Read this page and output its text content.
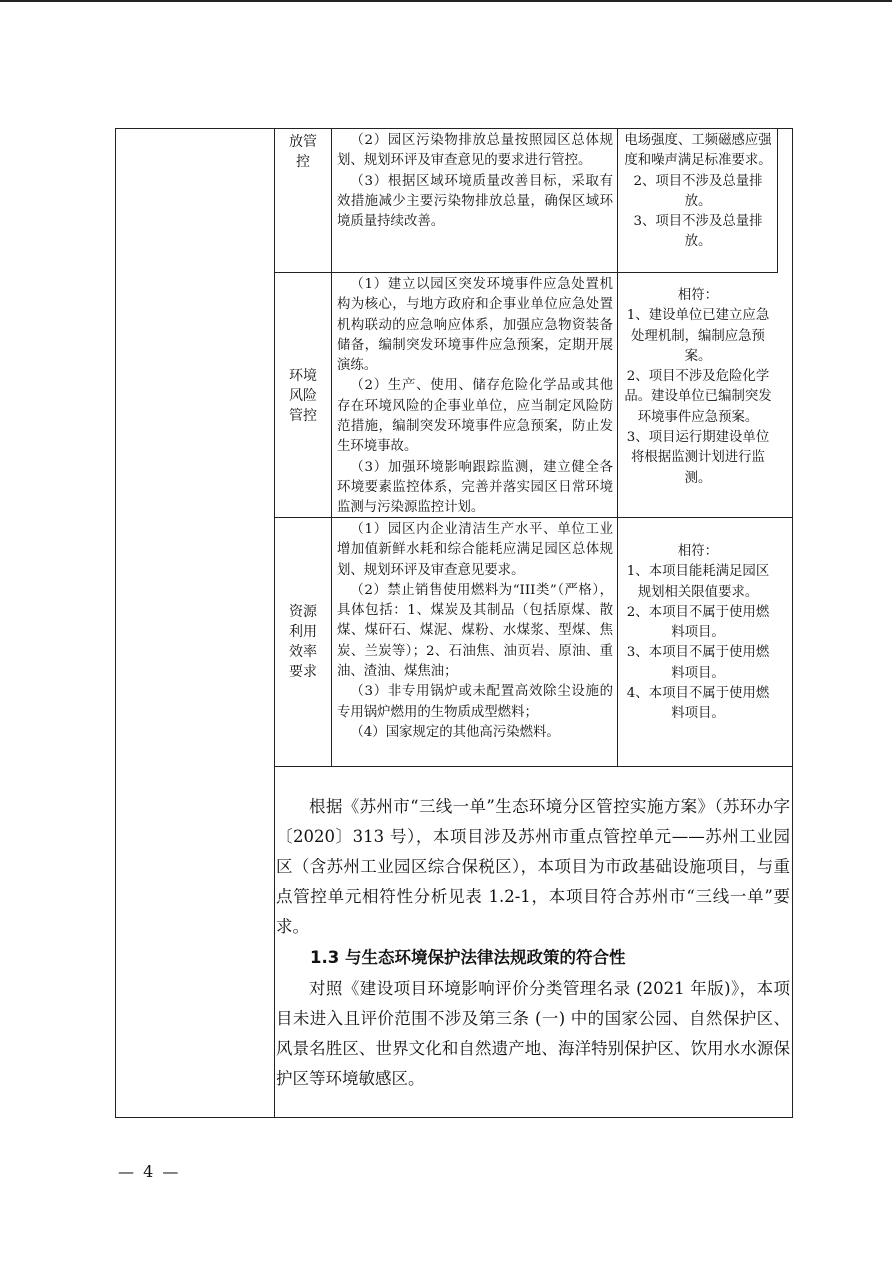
放管控

（2）园区污染物排放总量按照园区总体规划、规划环评及审查意见的要求进行管控。

（3）根据区域环境质量改善目标，采取有效措施减少主要污染物排放总量，确保区域环境质量持续改善。

电场强度、工频磁感应强度和噪声满足标准要求。

2、项目不涉及总量排放。

3、项目不涉及总量排放。

环境风险管控

（1）建立以园区突发环境事件应急处置机构为核心，与地方政府和企事业单位应急处置机构联动的应急响应体系，加强应急物资装备储备，编制突发环境事件应急预案，定期开展演练。

（2）生产、使用、储存危险化学品或其他存在环境风险的企事业单位，应当制定风险防范措施，编制突发环境事件应急预案，防止发生环境事故。

（3）加强环境影响跟踪监测，建立健全各环境要素监控体系，完善并落实园区日常环境监测与污染源监控计划。

相符：

1、建设单位已建立应急处理机制，编制应急预案。

2、项目不涉及危险化学品。建设单位已编制突发环境事件应急预案。

3、项目运行期建设单位将根据监测计划进行监测。

资源利用效率要求

（1）园区内企业清洁生产水平、单位工业增加值新鲜水耗和综合能耗应满足园区总体规划、规划环评及审查意见要求。

（2）禁止销售使用燃料为“III类”（严格），具体包括：1、煤炭及其制品（包括原煤、散煤、煤矸石、煤泥、煤粉、水煤浆、型煤、焦炭、兰炭等）；2、石油焦、油页岩、原油、重油、渣油、煤焦油；

（3）非专用锅炉或未配置高效除尘设施的专用锅炉燃用的生物质成型燃料；

（4）国家规定的其他高污染燃料。

相符：

1、本项目能耗满足园区规划相关限值要求。

2、本项目不属于使用燃料项目。

3、本项目不属于使用燃料项目。

4、本项目不属于使用燃料项目。

根据《苏州市“三线一单”生态环境分区管控实施方案》（苏环办字〔2020〕313 号），本项目涉及苏州市重点管控单元——苏州工业园区（含苏州工业园区综合保税区），本项目为市政基础设施项目，与重点管控单元相符性分析见表 1.2-1，本项目符合苏州市“三线一单”要求。

1.3 与生态环境保护法律法规政策的符合性

对照《建设项目环境影响评价分类管理名录 (2021 年版)》，本项目未进入且评价范围不涉及第三条 (一) 中的国家公园、自然保护区、风景名胜区、世界文化和自然遗产地、海洋特别保护区、饮用水水源保护区等环境敏感区。

— 4 —
